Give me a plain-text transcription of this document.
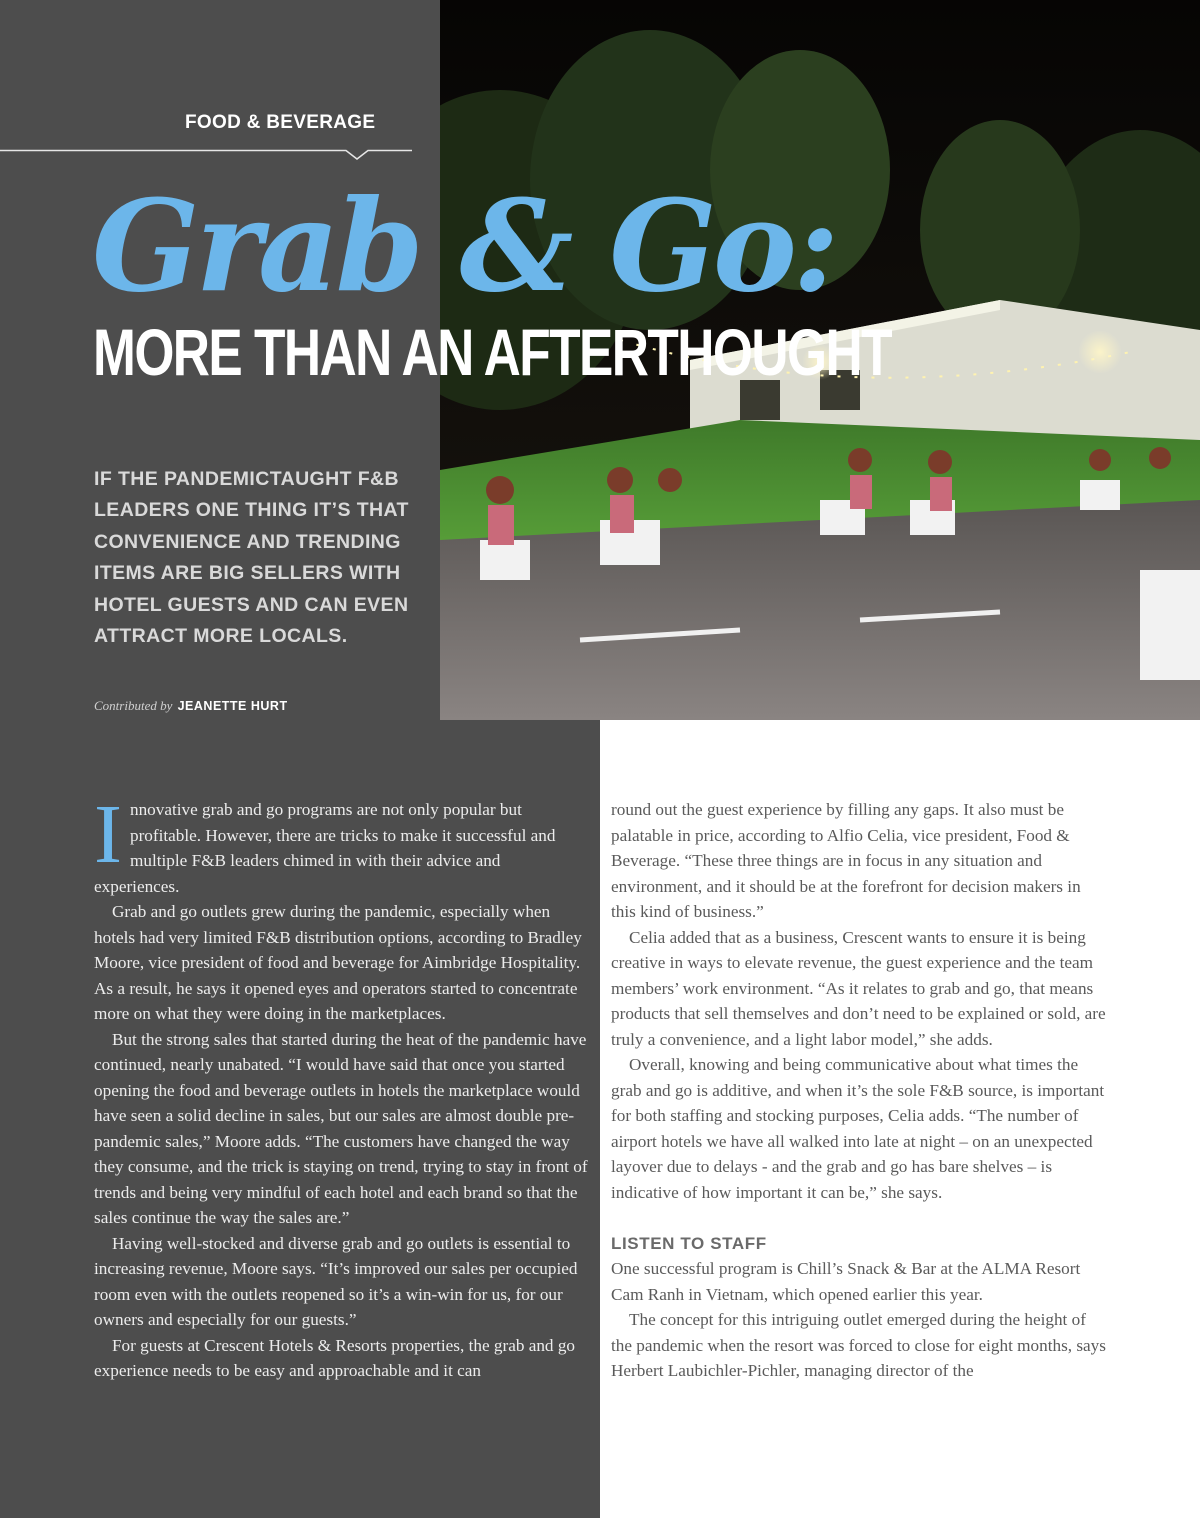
FOOD & BEVERAGE
Grab & Go:
MORE THAN AN AFTERTHOUGHT
IF THE PANDEMICTAUGHT F&B LEADERS ONE THING IT’S THAT CONVENIENCE AND TRENDING ITEMS ARE BIG SELLERS WITH HOTEL GUESTS AND CAN EVEN ATTRACT MORE LOCALS.
Contributed by JEANETTE HURT

Innovative grab and go programs are not only popular but profitable. However, there are tricks to make it successful and multiple F&B leaders chimed in with their advice and experiences.

Grab and go outlets grew during the pandemic, especially when hotels had very limited F&B distribution options, according to Bradley Moore, vice president of food and beverage for Aimbridge Hospitality. As a result, he says it opened eyes and operators started to concentrate more on what they were doing in the marketplaces.

But the strong sales that started during the heat of the pandemic have continued, nearly unabated. “I would have said that once you started opening the food and beverage outlets in hotels the marketplace would have seen a solid decline in sales, but our sales are almost double pre-pandemic sales,” Moore adds. “The customers have changed the way they consume, and the trick is staying on trend, trying to stay in front of trends and being very mindful of each hotel and each brand so that the sales continue the way the sales are.”

Having well-stocked and diverse grab and go outlets is essential to increasing revenue, Moore says. “It’s improved our sales per occupied room even with the outlets reopened so it’s a win-win for us, for our owners and especially for our guests.”

For guests at Crescent Hotels & Resorts properties, the grab and go experience needs to be easy and approachable and it can

round out the guest experience by filling any gaps. It also must be palatable in price, according to Alfio Celia, vice president, Food & Beverage. “These three things are in focus in any situation and environment, and it should be at the forefront for decision makers in this kind of business.”

Celia added that as a business, Crescent wants to ensure it is being creative in ways to elevate revenue, the guest experience and the team members’ work environment. “As it relates to grab and go, that means products that sell themselves and don’t need to be explained or sold, are truly a convenience, and a light labor model,” she adds.

Overall, knowing and being communicative about what times the grab and go is additive, and when it’s the sole F&B source, is important for both staffing and stocking purposes, Celia adds. “The number of airport hotels we have all walked into late at night – on an unexpected layover due to delays - and the grab and go has bare shelves – is indicative of how important it can be,” she says.

LISTEN TO STAFF

One successful program is Chill’s Snack & Bar at the ALMA Resort Cam Ranh in Vietnam, which opened earlier this year.

The concept for this intriguing outlet emerged during the height of the pandemic when the resort was forced to close for eight months, says Herbert Laubichler-Pichler, managing director of the
